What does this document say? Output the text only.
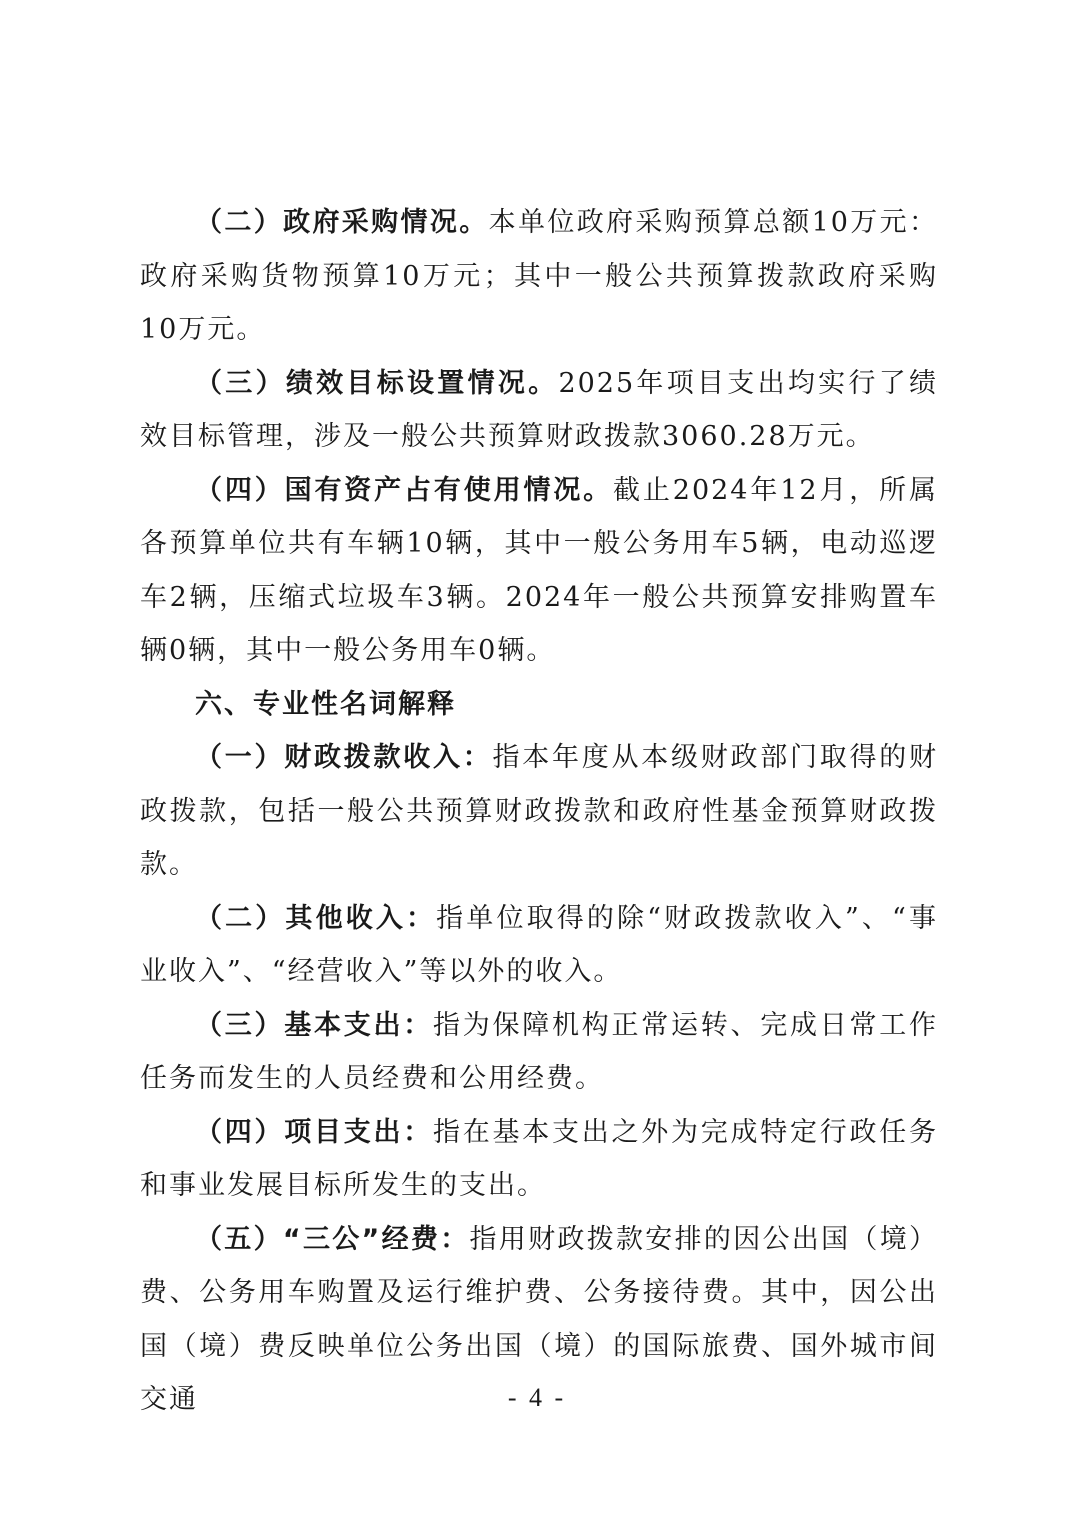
（二）政府采购情况。本单位政府采购预算总额10万元：政府采购货物预算10万元；其中一般公共预算拨款政府采购10万元。

（三）绩效目标设置情况。2025年项目支出均实行了绩效目标管理，涉及一般公共预算财政拨款3060.28万元。

（四）国有资产占有使用情况。截止2024年12月，所属各预算单位共有车辆10辆，其中一般公务用车5辆，电动巡逻车2辆，压缩式垃圾车3辆。2024年一般公共预算安排购置车辆0辆，其中一般公务用车0辆。

六、专业性名词解释

（一）财政拨款收入：指本年度从本级财政部门取得的财政拨款，包括一般公共预算财政拨款和政府性基金预算财政拨款。

（二）其他收入：指单位取得的除“财政拨款收入”、“事业收入”、“经营收入”等以外的收入。

（三）基本支出：指为保障机构正常运转、完成日常工作任务而发生的人员经费和公用经费。

（四）项目支出：指在基本支出之外为完成特定行政任务和事业发展目标所发生的支出。

（五）“三公”经费：指用财政拨款安排的因公出国（境）费、公务用车购置及运行维护费、公务接待费。其中，因公出国（境）费反映单位公务出国（境）的国际旅费、国外城市间交通	- 4 -
